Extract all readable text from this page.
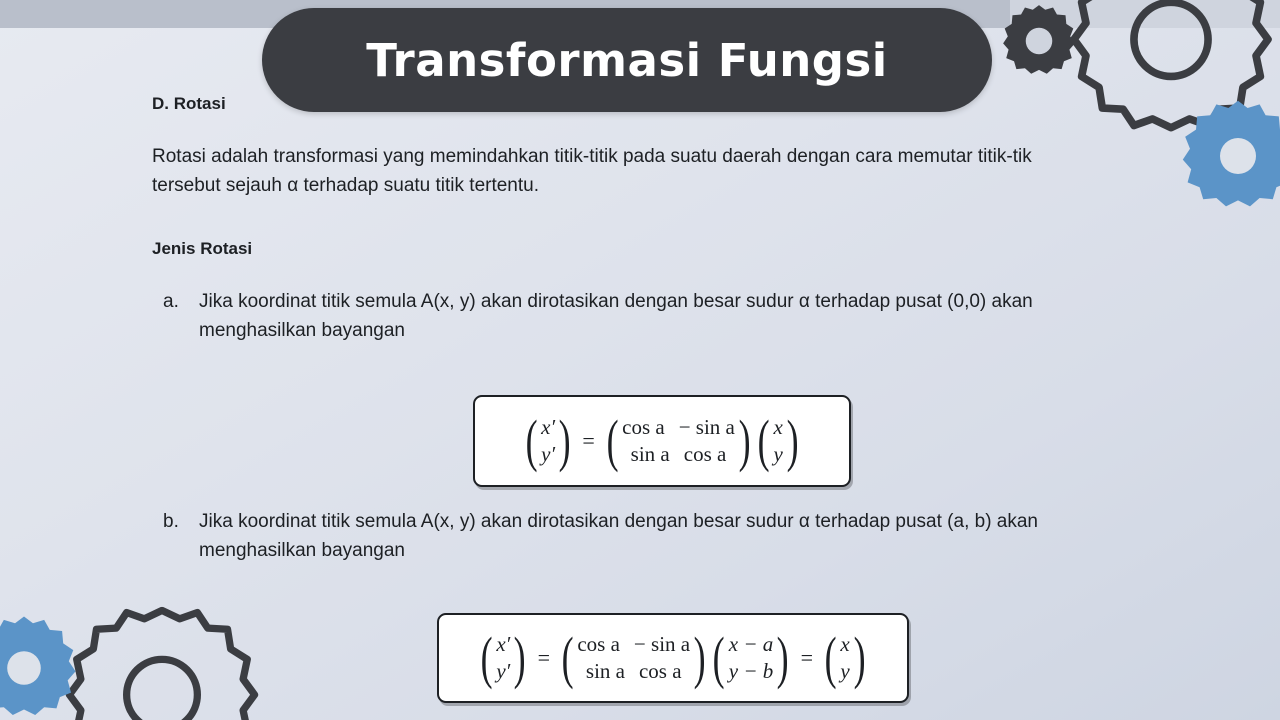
Transformasi Fungsi
D. Rotasi
Rotasi adalah transformasi yang memindahkan titik-titik pada suatu daerah dengan cara memutar titik-tik tersebut sejauh α terhadap suatu titik tertentu.
Jenis Rotasi
a.	Jika koordinat titik semula A(x, y) akan dirotasikan dengan besar sudur α terhadap pusat (0,0) akan menghasilkan bayangan
( x′
y′ ) = ( cos a − sin a
sin a cos a ) ( x
y )
b.	Jika koordinat titik semula A(x, y) akan dirotasikan dengan besar sudur α terhadap pusat (a, b) akan menghasilkan bayangan
( x′
y′ ) = ( cos a − sin a
sin a cos a ) ( x − a
y − b ) = ( x
y )
